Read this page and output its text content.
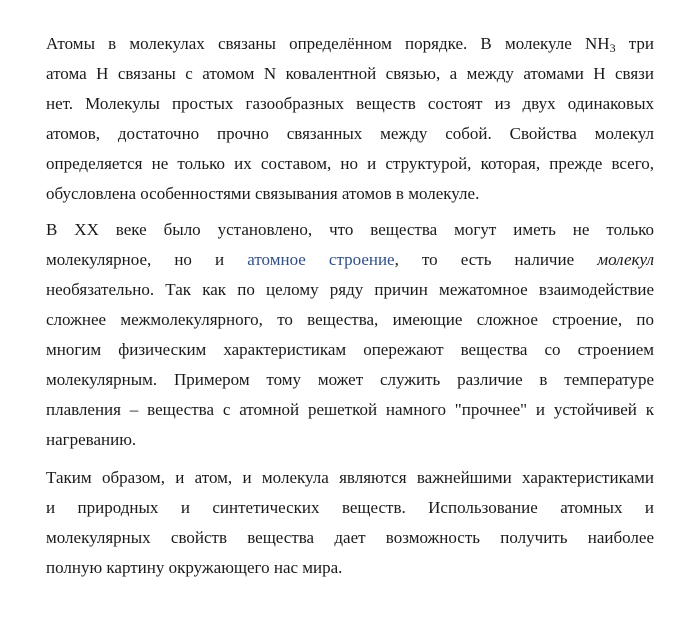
Атомы в молекулах связаны определённом порядке. В молекуле $NH_3$ три
атома H связаны с атомом N ковалентной связью, а между атомами H связи
нет. Молекулы простых газообразных веществ состоят из двух одинаковых
атомов, достаточно прочно связанных между собой. Свойства молекул
определяется не только их составом, но и структурой, которая, прежде всего,
обусловлена особенностями связывания атомов в молекуле.
В XX веке было установлено, что вещества могут иметь не только
молекулярное, но и атомное строение, то есть наличие молекул
необязательно. Так как по целому ряду причин межатомное взаимодействие
сложнее межмолекулярного, то вещества, имеющие сложное строение, по
многим физическим характеристикам опережают вещества со строением
молекулярным. Примером тому может служить различие в температуре
плавления – вещества с атомной решеткой намного "прочнее" и устойчивей к
нагреванию.
Таким образом, и атом, и молекула являются важнейшими характеристиками
и природных и синтетических веществ. Использование атомных и
молекулярных свойств вещества дает возможность получить наиболее
полную картину окружающего нас мира.
